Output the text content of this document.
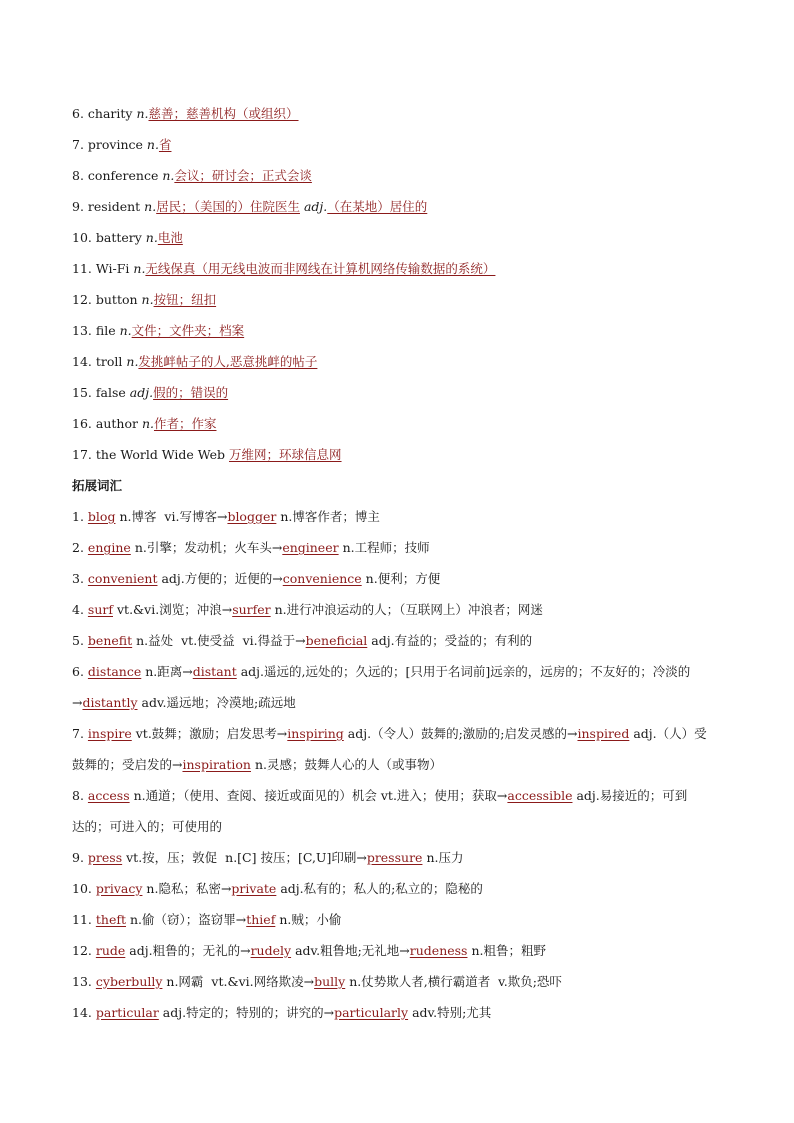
6. charity n.慈善；慈善机构（或组织）
7. province n.省
8. conference n.会议；研讨会；正式会谈
9. resident n.居民；（美国的）住院医生 adj.（在某地）居住的
10. battery n.电池
11. Wi-Fi n.无线保真（用无线电波而非网线在计算机网络传输数据的系统）
12. button n.按钮；纽扣
13. file n.文件；文件夹；档案
14. troll n.发挑衅帖子的人,恶意挑衅的帖子
15. false adj.假的；错误的
16. author n.作者；作家
17. the World Wide Web 万维网；环球信息网
拓展词汇
1. blog n.博客 vi.写博客→blogger n.博客作者；博主
2. engine n.引擎；发动机；火车头→engineer n.工程师；技师
3. convenient adj.方便的；近便的→convenience n.便利；方便
4. surf vt.&vi.浏览；冲浪→surfer n.进行冲浪运动的人；（互联网上）冲浪者；网迷
5. benefit n.益处 vt.使受益 vi.得益于→beneficial adj.有益的；受益的；有利的
6. distance n.距离→distant adj.遥远的,远处的；久远的；[只用于名词前]远亲的，远房的；不友好的；冷淡的
→distantly adv.遥远地；冷漠地;疏远地
7. inspire vt.鼓舞；激励；启发思考→inspiring adj.（令人）鼓舞的;激励的;启发灵感的→inspired adj.（人）受
鼓舞的；受启发的→inspiration n.灵感；鼓舞人心的人（或事物）
8. access n.通道；（使用、查阅、接近或面见的）机会 vt.进入；使用；获取→accessible adj.易接近的；可到
达的；可进入的；可使用的
9. press vt.按，压；敦促 n.[C] 按压；[C,U]印刷→pressure n.压力
10. privacy n.隐私；私密→private adj.私有的；私人的;私立的；隐秘的
11. theft n.偷（窃）；盗窃罪→thief n.贼；小偷
12. rude adj.粗鲁的；无礼的→rudely adv.粗鲁地;无礼地→rudeness n.粗鲁；粗野
13. cyberbully n.网霸 vt.&vi.网络欺凌→bully n.仗势欺人者,横行霸道者 v.欺负;恐吓
14. particular adj.特定的；特别的；讲究的→particularly adv.特别;尤其
